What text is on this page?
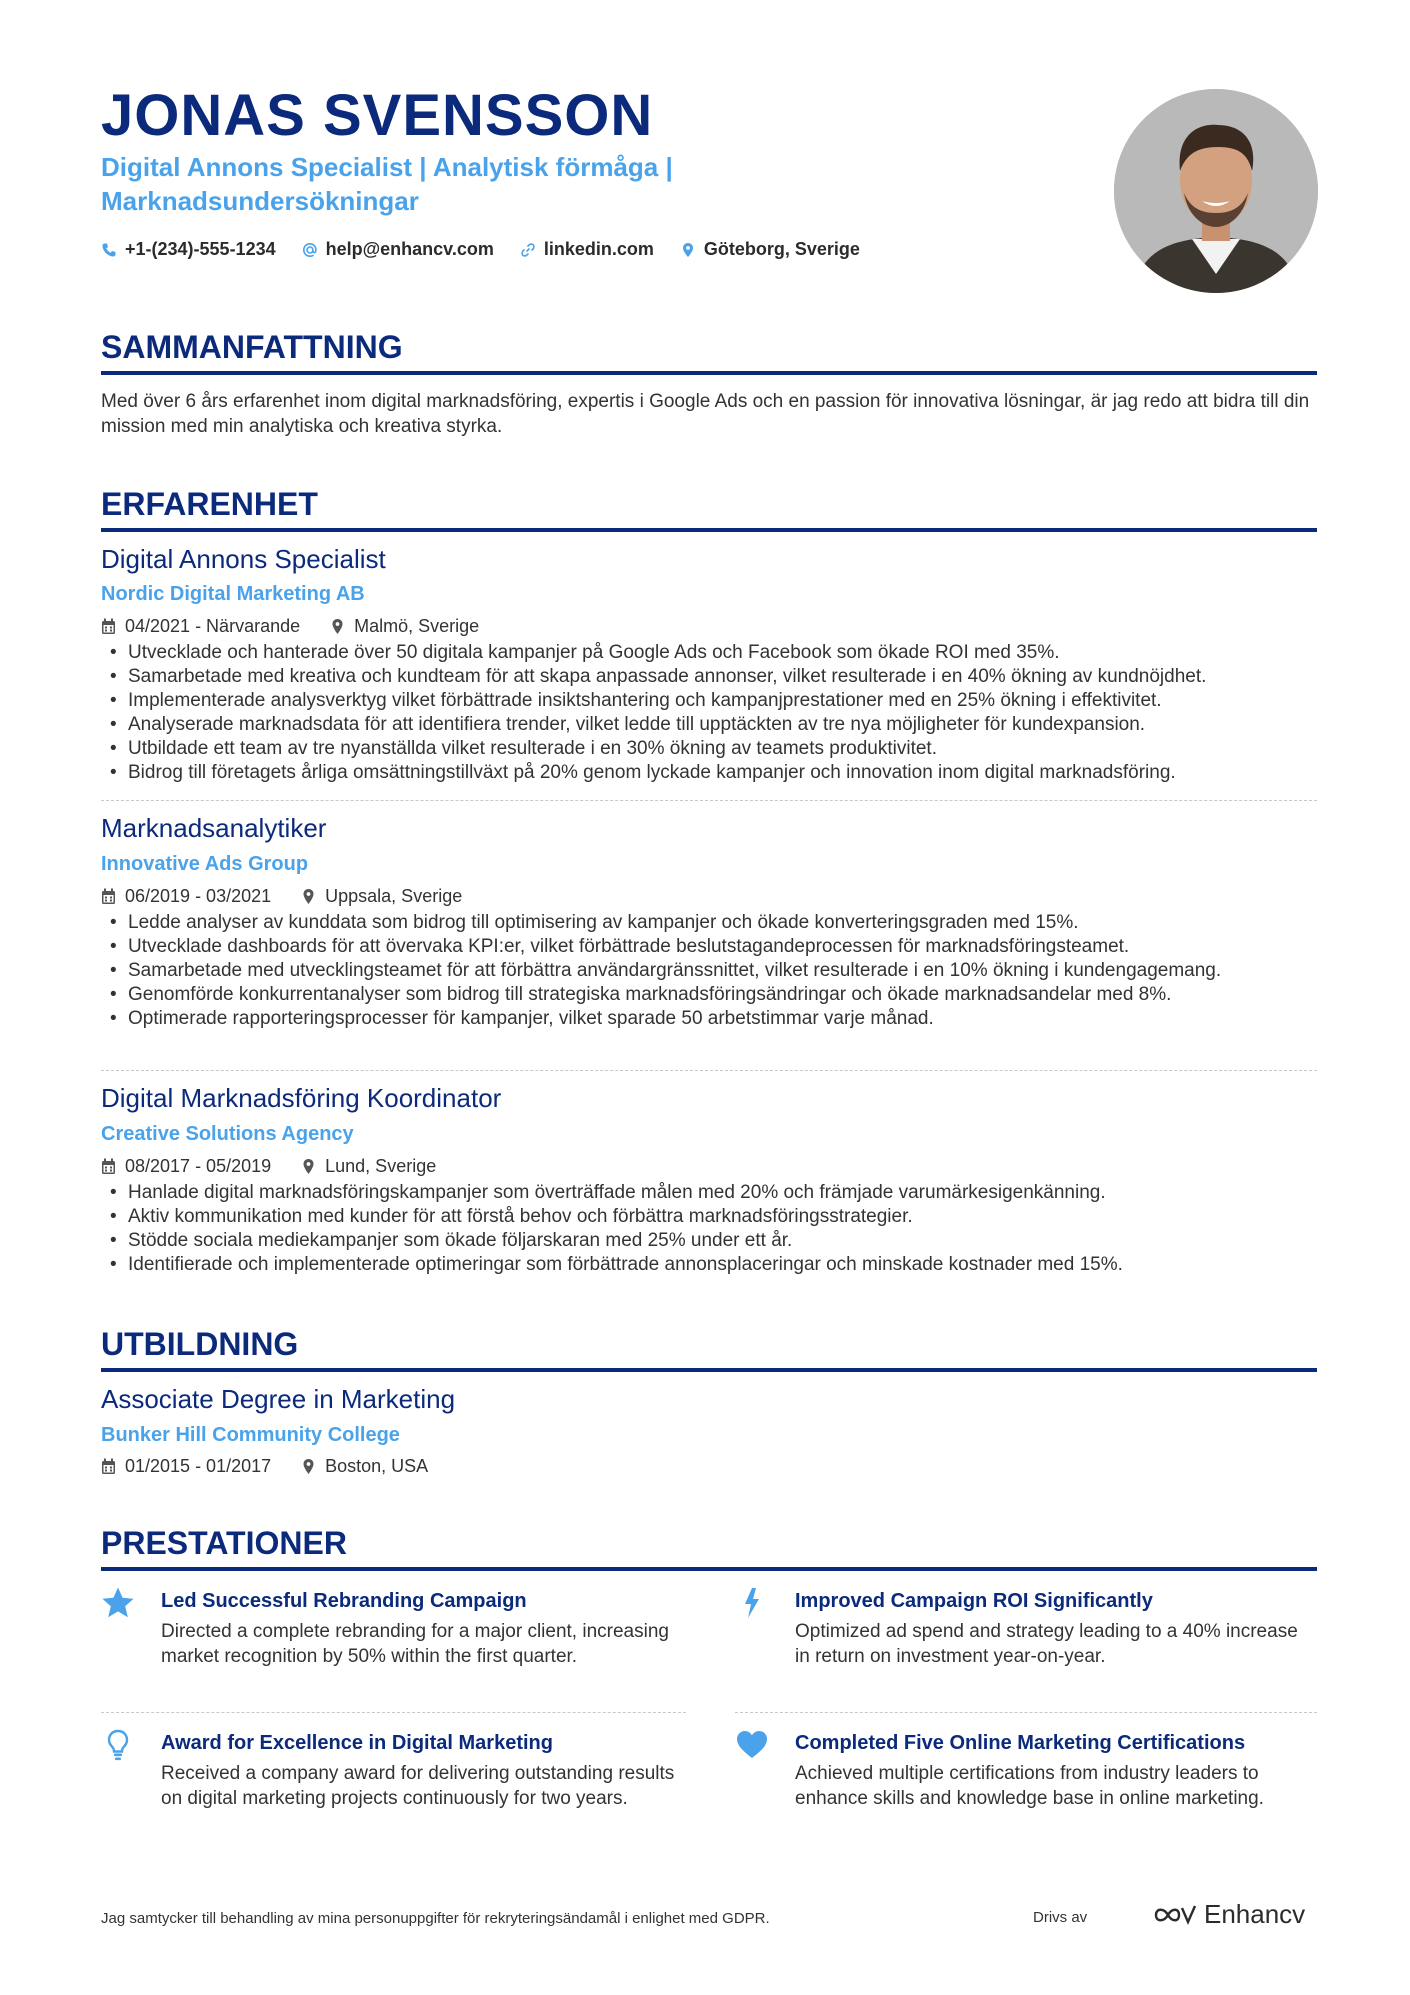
JONAS SVENSSON

Digital Annons Specialist | Analytisk förmåga | Marknadsundersökningar

+1-(234)-555-1234	help@enhancv.com	linkedin.com	Göteborg, Sverige
SAMMANFATTNING

Med över 6 års erfarenhet inom digital marknadsföring, expertis i Google Ads och en passion för innovativa lösningar, är jag redo att bidra till din mission med min analytiska och kreativa styrka.

ERFARENHET
Digital Annons Specialist

Nordic Digital Marketing AB

04/2021 - Närvarande	Malmö, Sverige
• Utvecklade och hanterade över 50 digitala kampanjer på Google Ads och Facebook som ökade ROI med 35%.
• Samarbetade med kreativa och kundteam för att skapa anpassade annonser, vilket resulterade i en 40% ökning av kundnöjdhet.
• Implementerade analysverktyg vilket förbättrade insiktshantering och kampanjprestationer med en 25% ökning i effektivitet.
• Analyserade marknadsdata för att identifiera trender, vilket ledde till upptäckten av tre nya möjligheter för kundexpansion.
• Utbildade ett team av tre nyanställda vilket resulterade i en 30% ökning av teamets produktivitet.
• Bidrog till företagets årliga omsättningstillväxt på 20% genom lyckade kampanjer och innovation inom digital marknadsföring.
Marknadsanalytiker

Innovative Ads Group

06/2019 - 03/2021	Uppsala, Sverige
• Ledde analyser av kunddata som bidrog till optimisering av kampanjer och ökade konverteringsgraden med 15%.
• Utvecklade dashboards för att övervaka KPI:er, vilket förbättrade beslutstagandeprocessen för marknadsföringsteamet.
• Samarbetade med utvecklingsteamet för att förbättra användargränssnittet, vilket resulterade i en 10% ökning i kundengagemang.
• Genomförde konkurrentanalyser som bidrog till strategiska marknadsföringsändringar och ökade marknadsandelar med 8%.
• Optimerade rapporteringsprocesser för kampanjer, vilket sparade 50 arbetstimmar varje månad.
Digital Marknadsföring Koordinator

Creative Solutions Agency

08/2017 - 05/2019	Lund, Sverige
• Hanlade digital marknadsföringskampanjer som överträffade målen med 20% och främjade varumärkesigenkänning.
• Aktiv kommunikation med kunder för att förstå behov och förbättra marknadsföringsstrategier.
• Stödde sociala mediekampanjer som ökade följarskaran med 25% under ett år.
• Identifierade och implementerade optimeringar som förbättrade annonsplaceringar och minskade kostnader med 15%.
UTBILDNING
Associate Degree in Marketing

Bunker Hill Community College

01/2015 - 01/2017	Boston, USA
PRESTATIONER

Led Successful Rebranding Campaign

Directed a complete rebranding for a major client, increasing market recognition by 50% within the first quarter.

Improved Campaign ROI Significantly

Optimized ad spend and strategy leading to a 40% increase in return on investment year-on-year.

Award for Excellence in Digital Marketing

Received a company award for delivering outstanding results on digital marketing projects continuously for two years.

Completed Five Online Marketing Certifications

Achieved multiple certifications from industry leaders to enhance skills and knowledge base in online marketing.

Jag samtycker till behandling av mina personuppgifter för rekryteringsändamål i enlighet med GDPR.	Drivs av	Enhancv
